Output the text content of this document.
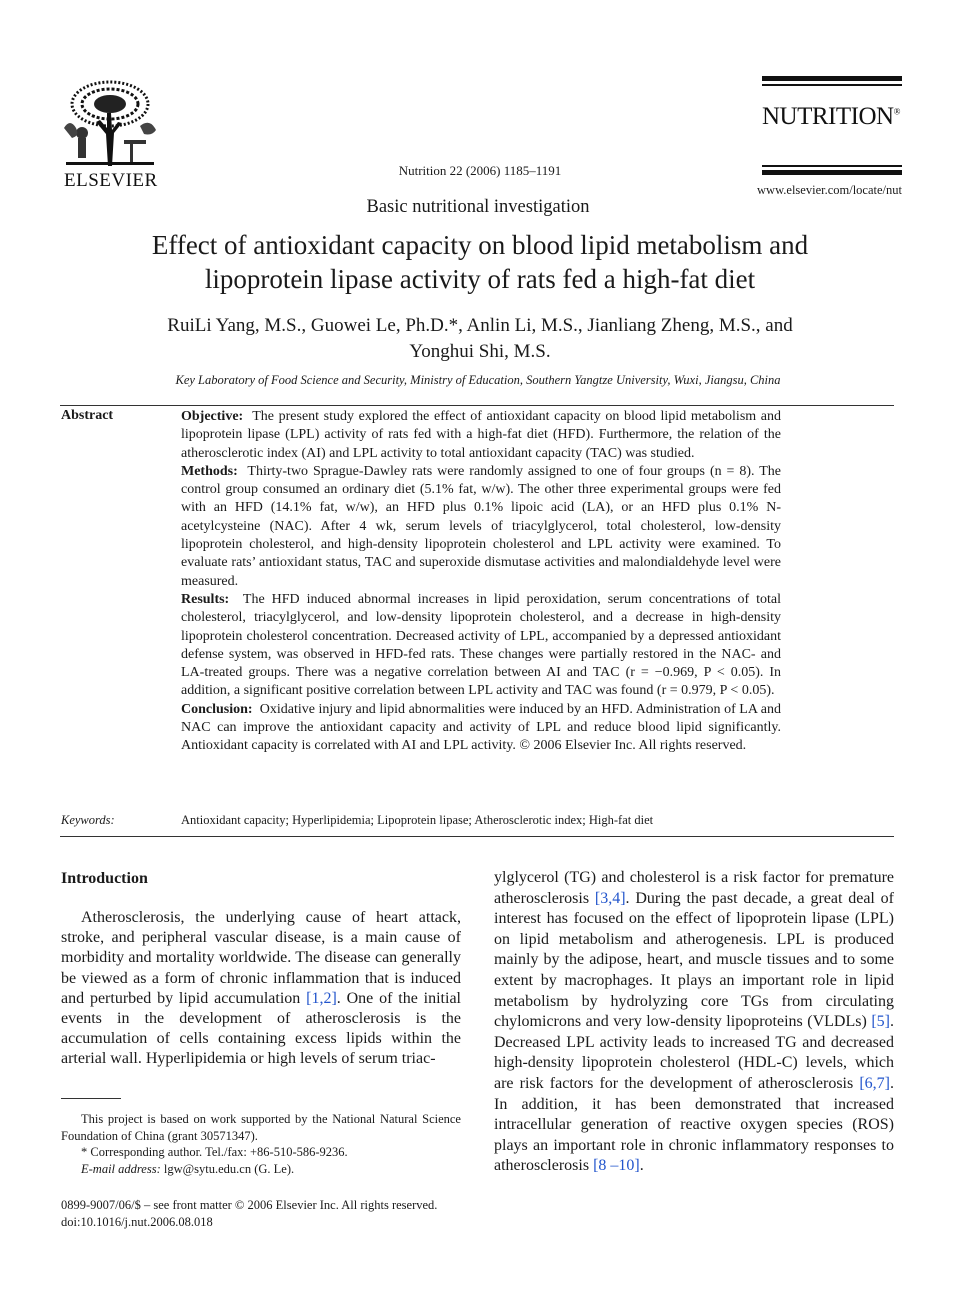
ELSEVIER	Nutrition 22 (2006) 1185–1191
NUTRITION®
www.elsevier.com/locate/nut
Basic nutritional investigation
Effect of antioxidant capacity on blood lipid metabolism and
lipoprotein lipase activity of rats fed a high-fat diet
RuiLi Yang, M.S., Guowei Le, Ph.D.*, Anlin Li, M.S., Jianliang Zheng, M.S., and
Yonghui Shi, M.S.
Key Laboratory of Food Science and Security, Ministry of Education, Southern Yangtze University, Wuxi, Jiangsu, China
Abstract	Objective: The present study explored the effect of antioxidant capacity on blood lipid metabolism and lipoprotein lipase (LPL) activity of rats fed with a high-fat diet (HFD). Furthermore, the relation of the atherosclerotic index (AI) and LPL activity to total antioxidant capacity (TAC) was studied.

Methods: Thirty-two Sprague-Dawley rats were randomly assigned to one of four groups (n = 8). The control group consumed an ordinary diet (5.1% fat, w/w). The other three experimental groups were fed with an HFD (14.1% fat, w/w), an HFD plus 0.1% lipoic acid (LA), or an HFD plus 0.1% N-acetylcysteine (NAC). After 4 wk, serum levels of triacylglycerol, total cholesterol, low-density lipoprotein cholesterol, and high-density lipoprotein cholesterol and LPL activity were examined. To evaluate rats’ antioxidant status, TAC and superoxide dismutase activities and malondialdehyde level were measured.

Results: The HFD induced abnormal increases in lipid peroxidation, serum concentrations of total cholesterol, triacylglycerol, and low-density lipoprotein cholesterol, and a decrease in high-density lipoprotein cholesterol concentration. Decreased activity of LPL, accompanied by a depressed antioxidant defense system, was observed in HFD-fed rats. These changes were partially restored in the NAC- and LA-treated groups. There was a negative correlation between AI and TAC (r = −0.969, P < 0.05). In addition, a significant positive correlation between LPL activity and TAC was found (r = 0.979, P < 0.05).

Conclusion: Oxidative injury and lipid abnormalities were induced by an HFD. Administration of LA and NAC can improve the antioxidant capacity and activity of LPL and reduce blood lipid significantly. Antioxidant capacity is correlated with AI and LPL activity. © 2006 Elsevier Inc. All rights reserved.

Keywords:	Antioxidant capacity; Hyperlipidemia; Lipoprotein lipase; Atherosclerotic index; High-fat diet
Introduction
Atherosclerosis, the underlying cause of heart attack, stroke, and peripheral vascular disease, is a main cause of morbidity and mortality worldwide. The disease can generally be viewed as a form of chronic inflammation that is induced and perturbed by lipid accumulation [1,2]. One of the initial events in the development of atherosclerosis is the accumulation of cells containing excess lipids within the arterial wall. Hyperlipidemia or high levels of serum triac-
ylglycerol (TG) and cholesterol is a risk factor for premature atherosclerosis [3,4]. During the past decade, a great deal of interest has focused on the effect of lipoprotein lipase (LPL) on lipid metabolism and atherogenesis. LPL is produced mainly by the adipose, heart, and muscle tissues and to some extent by macrophages. It plays an important role in lipid metabolism by hydrolyzing core TGs from circulating chylomicrons and very low-density lipoproteins (VLDLs) [5]. Decreased LPL activity leads to increased TG and decreased high-density lipoprotein cholesterol (HDL-C) levels, which are risk factors for the development of atherosclerosis [6,7]. In addition, it has been demonstrated that increased intracellular generation of reactive oxygen species (ROS) plays an important role in chronic inflammatory responses to atherosclerosis [8 –10].
This project is based on work supported by the National Natural Science Foundation of China (grant 30571347).
* Corresponding author. Tel./fax: +86-510-586-9236.
E-mail address: lgw@sytu.edu.cn (G. Le).
0899-9007/06/$ – see front matter © 2006 Elsevier Inc. All rights reserved.
doi:10.1016/j.nut.2006.08.018
